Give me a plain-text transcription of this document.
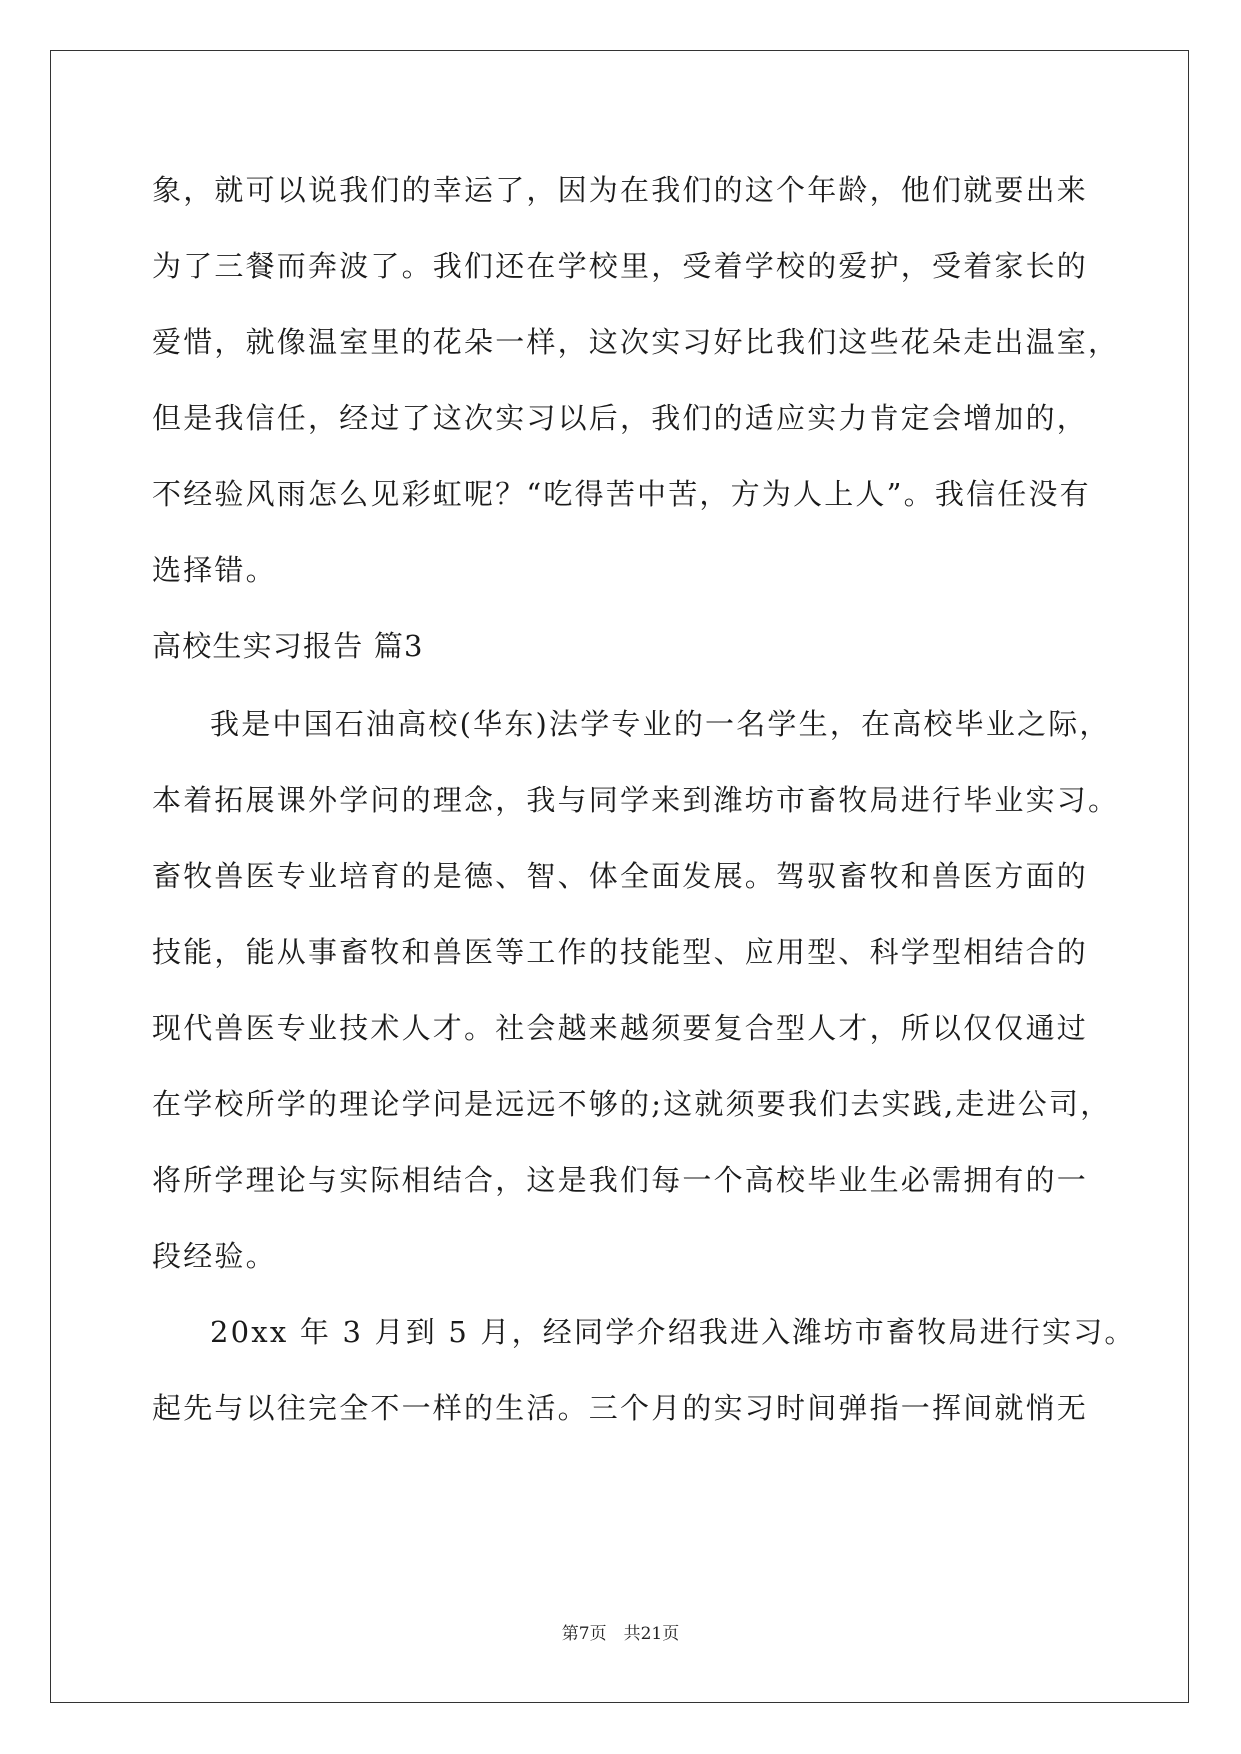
象，就可以说我们的幸运了，因为在我们的这个年龄，他们就要出来
为了三餐而奔波了。我们还在学校里，受着学校的爱护，受着家长的
爱惜，就像温室里的花朵一样，这次实习好比我们这些花朵走出温室，
但是我信任，经过了这次实习以后，我们的适应实力肯定会增加的，
不经验风雨怎么见彩虹呢？“吃得苦中苦，方为人上人”。我信任没有
选择错。
高校生实习报告 篇3
我是中国石油高校(华东)法学专业的一名学生，在高校毕业之际，
本着拓展课外学问的理念，我与同学来到潍坊市畜牧局进行毕业实习。
畜牧兽医专业培育的是德、智、体全面发展。驾驭畜牧和兽医方面的
技能，能从事畜牧和兽医等工作的技能型、应用型、科学型相结合的
现代兽医专业技术人才。社会越来越须要复合型人才，所以仅仅通过
在学校所学的理论学问是远远不够的;这就须要我们去实践,走进公司，
将所学理论与实际相结合，这是我们每一个高校毕业生必需拥有的一
段经验。
20xx 年 3 月到 5 月，经同学介绍我进入潍坊市畜牧局进行实习。
起先与以往完全不一样的生活。三个月的实习时间弹指一挥间就悄无
第7页　共21页
